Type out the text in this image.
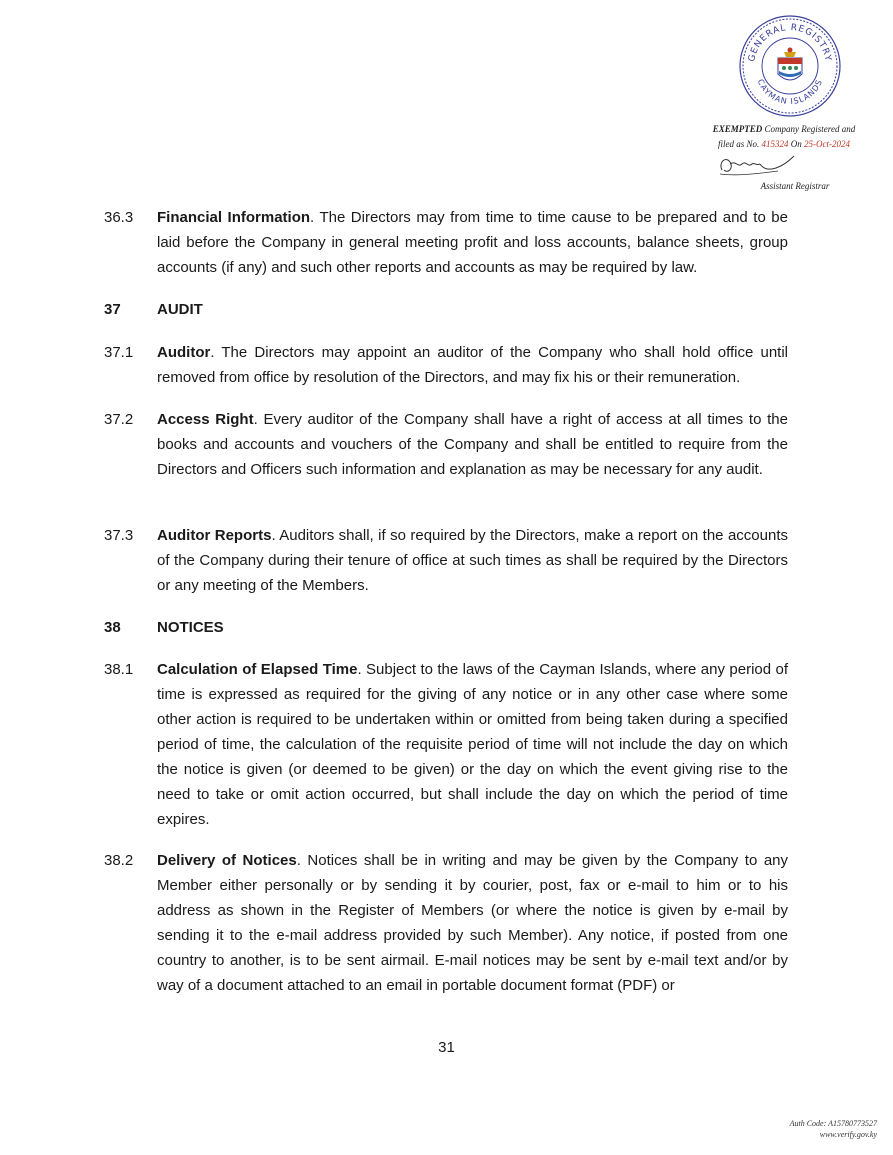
GENERAL REGISTRY
CAYMAN ISLANDS
EXEMPTED Company Registered and
filed as No. 415324 On 25-Oct-2024
Assistant Registrar
36.3 Financial Information. The Directors may from time to time cause to be prepared and to be laid before the Company in general meeting profit and loss accounts, balance sheets, group accounts (if any) and such other reports and accounts as may be required by law.
37 AUDIT
37.1 Auditor. The Directors may appoint an auditor of the Company who shall hold office until removed from office by resolution of the Directors, and may fix his or their remuneration.
37.2 Access Right. Every auditor of the Company shall have a right of access at all times to the books and accounts and vouchers of the Company and shall be entitled to require from the Directors and Officers such information and explanation as may be necessary for any audit.
37.3 Auditor Reports. Auditors shall, if so required by the Directors, make a report on the accounts of the Company during their tenure of office at such times as shall be required by the Directors or any meeting of the Members.
38 NOTICES
38.1 Calculation of Elapsed Time. Subject to the laws of the Cayman Islands, where any period of time is expressed as required for the giving of any notice or in any other case where some other action is required to be undertaken within or omitted from being taken during a specified period of time, the calculation of the requisite period of time will not include the day on which the notice is given (or deemed to be given) or the day on which the event giving rise to the need to take or omit action occurred, but shall include the day on which the period of time expires.
38.2 Delivery of Notices. Notices shall be in writing and may be given by the Company to any Member either personally or by sending it by courier, post, fax or e-mail to him or to his address as shown in the Register of Members (or where the notice is given by e-mail by sending it to the e-mail address provided by such Member). Any notice, if posted from one country to another, is to be sent airmail. E-mail notices may be sent by e-mail text and/or by way of a document attached to an email in portable document format (PDF) or
31
Auth Code: A15780773527
www.verify.gov.ky
